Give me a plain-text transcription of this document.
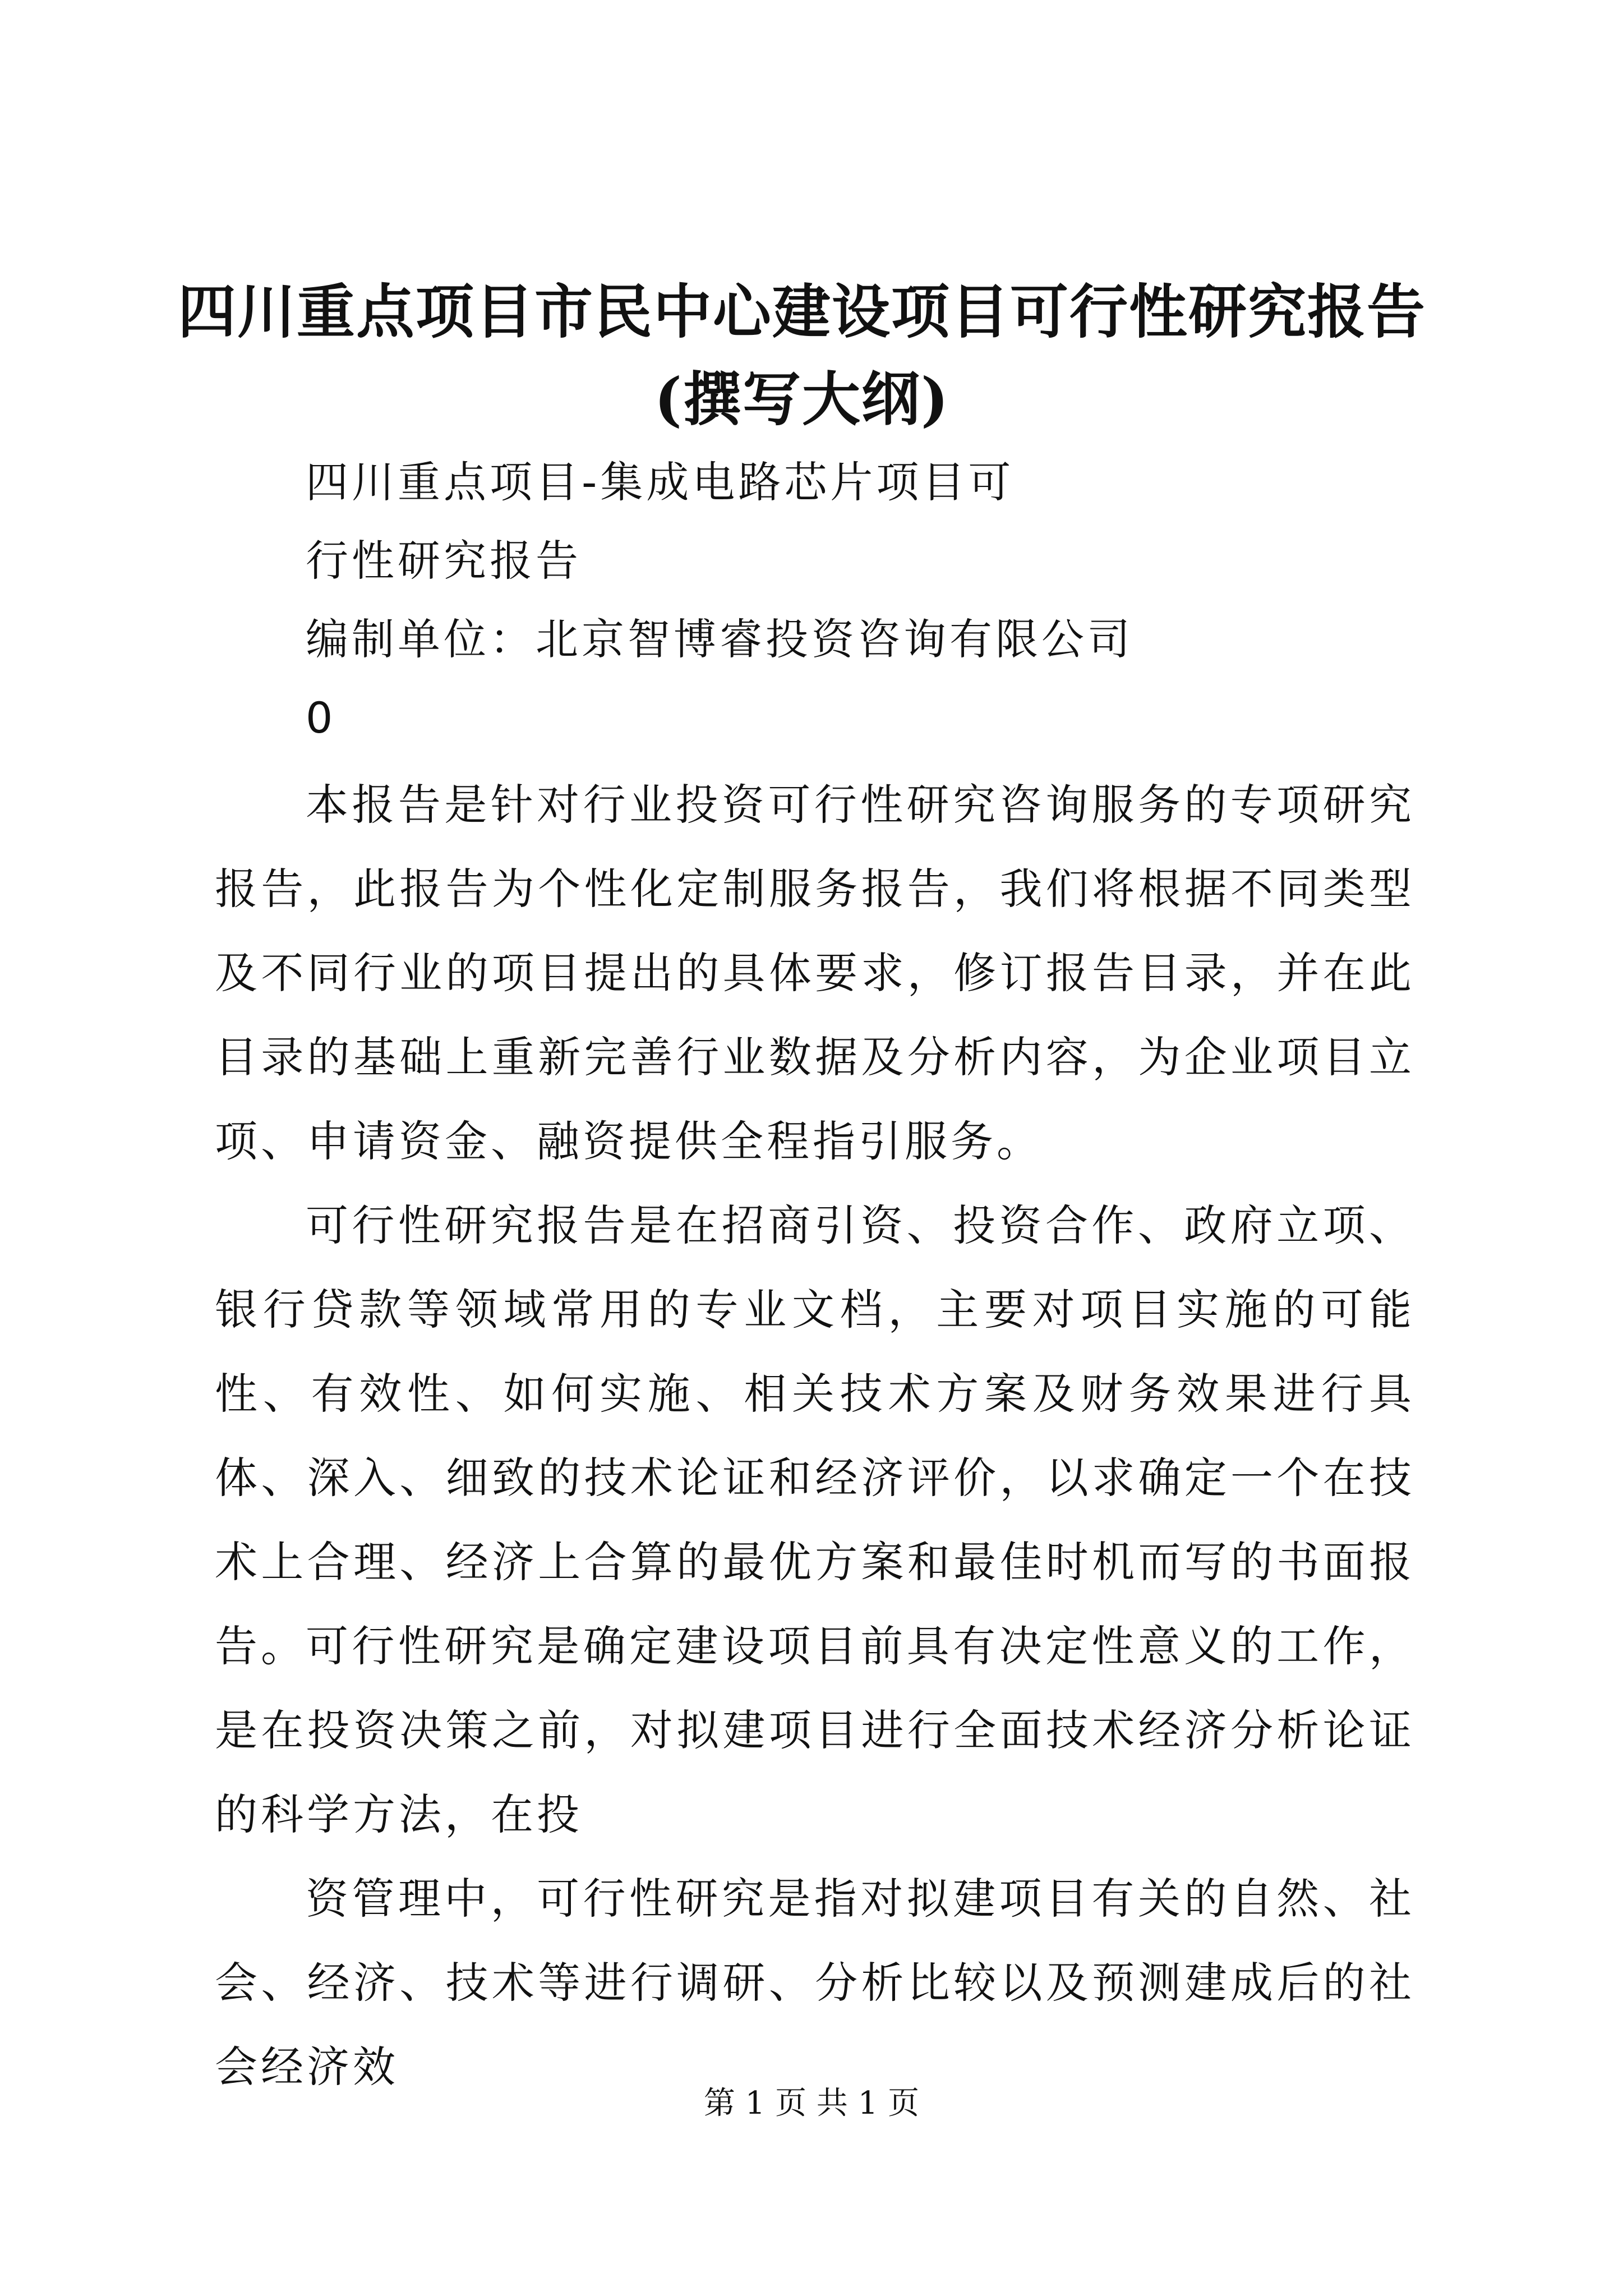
四川重点项目市民中心建设项目可行性研究报告(撰写大纲)

四川重点项目-集成电路芯片项目可

行性研究报告

编制单位：北京智博睿投资咨询有限公司

0

本报告是针对行业投资可行性研究咨询服务的专项研究报告，此报告为个性化定制服务报告，我们将根据不同类型及不同行业的项目提出的具体要求，修订报告目录，并在此目录的基础上重新完善行业数据及分析内容，为企业项目立项、申请资金、融资提供全程指引服务。

可行性研究报告是在招商引资、投资合作、政府立项、银行贷款等领域常用的专业文档，主要对项目实施的可能性、有效性、如何实施、相关技术方案及财务效果进行具体、深入、细致的技术论证和经济评价，以求确定一个在技术上合理、经济上合算的最优方案和最佳时机而写的书面报告。

可行性研究是确定建设项目前具有决定性意义的工作，是在投资决策之前，对拟建项目进行全面技术经济分析论证的科学方法，在投

资管理中，可行性研究是指对拟建项目有关的自然、社会、经济、技术等进行调研、分析比较以及预测建成后的社会经济效

第 1 页 共 1 页
